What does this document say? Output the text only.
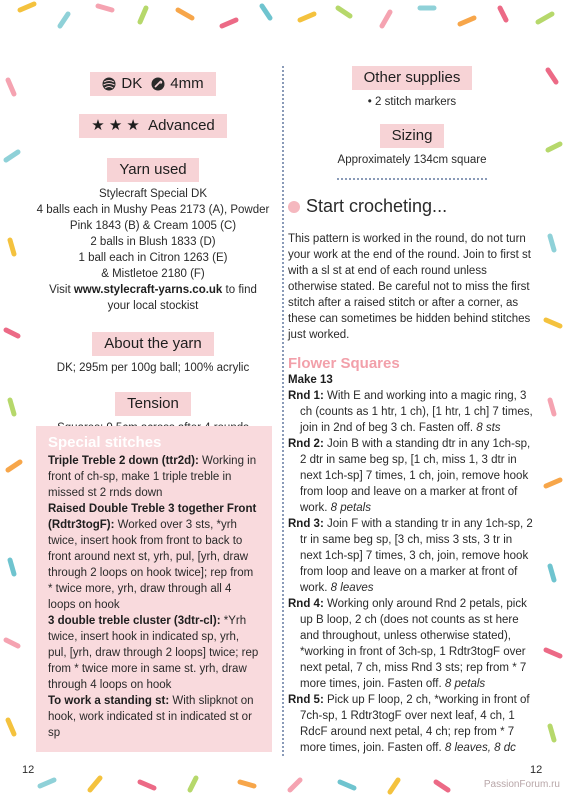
DK 4mm
★ ★ ★ Advanced
Yarn used

Stylecraft Special DK

4 balls each in Mushy Peas 2173 (A), Powder

Pink 1843 (B) & Cream 1005 (C)

2 balls in Blush 1833 (D)

1 ball each in Citron 1263 (E)

& Mistletoe 2180 (F)

Visit www.stylecraft-yarns.co.uk to find

your local stockist

About the yarn

DK; 295m per 100g ball; 100% acrylic

Tension

Special stitches

Triple Treble 2 down (ttr2d): Working in front of ch-sp, make 1 triple treble in missed st 2 rnds down

Raised Double Treble 3 together Front (Rdtr3togF): Worked over 3 sts, *yrh twice, insert hook from front to back to front around next st, yrh, pul, [yrh, draw through 2 loops on hook twice]; rep from * twice more, yrh, draw through all 4 loops on hook

3 double treble cluster (3dtr-cl): *Yrh twice, insert hook in indicated sp, yrh, pul, [yrh, draw through 2 loops] twice; rep from * twice more in same st. yrh, draw through 4 loops on hook

To work a standing st: With slipknot on hook, work indicated st in indicated st or sp

Other supplies

• 2 stitch markers

Sizing

Approximately 134cm square

Start crocheting...

This pattern is worked in the round, do not turn your work at the end of the round. Join to first st with a sl st at end of each round unless otherwise stated. Be careful not to miss the first stitch after a raised stitch or after a corner, as these can sometimes be hidden behind stitches just worked.

Flower Squares

Make 13

Rnd 1: With E and working into a magic ring, 3 ch (counts as 1 htr, 1 ch), [1 htr, 1 ch] 7 times, join in 2nd of beg 3 ch. Fasten off. 8 sts

Rnd 2: Join B with a standing dtr in any 1ch-sp, 2 dtr in same beg sp, [1 ch, miss 1, 3 dtr in next 1ch-sp] 7 times, 1 ch, join, remove hook from loop and leave on a marker at front of work. 8 petals

Rnd 3: Join F with a standing tr in any 1ch-sp, 2 tr in same beg sp, [3 ch, miss 3 sts, 3 tr in next 1ch-sp] 7 times, 3 ch, join, remove hook from loop and leave on a marker at front of work. 8 leaves

Rnd 4: Working only around Rnd 2 petals, pick up B loop, 2 ch (does not counts as st here and throughout, unless otherwise stated), *working in front of 3ch-sp, 1 Rdtr3togF over next petal, 7 ch, miss Rnd 3 sts; rep from * 7 more times, join. Fasten off. 8 petals

Rnd 5: Pick up F loop, 2 ch, *working in front of 7ch-sp, 1 Rdtr3togF over next leaf, 4 ch, 1 RdcF around next petal, 4 ch; rep from * 7 more times, join. Fasten off. 8 leaves, 8 dc

12	12
PassionForum.ru
